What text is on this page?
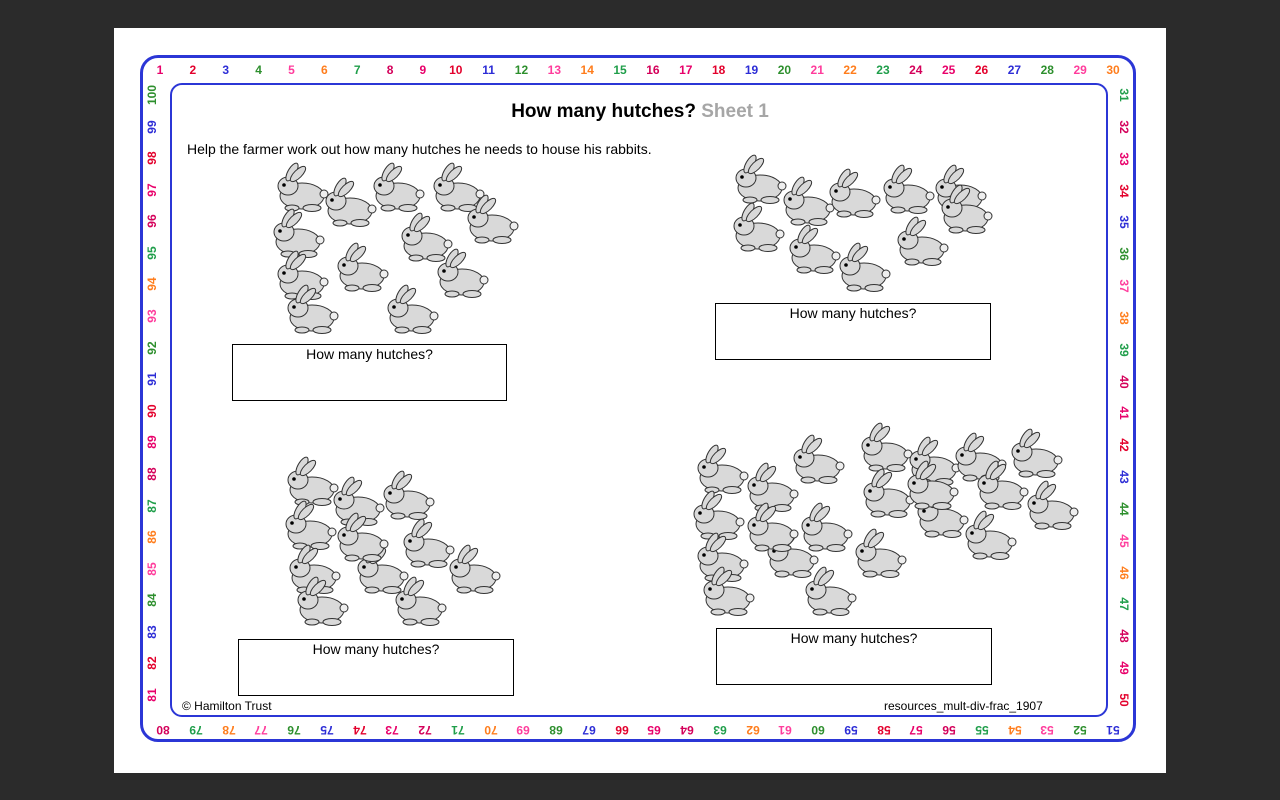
1	2	3	4	5	6	7	8	9	10	11	12	13	14	15	16	17	18	19	20	21	22	23	24	25	26	27	28	29	30
31
32
33
34
35
36
37
38
39
40
41
42
43
44
45
46
47
48
49
50
51
52
53
54
55
56
57
58
59
60
61
62
63
64
65
66
67
68
69
70
71
72
73
74
75
76
77
78
79
80
81
82
83
84
85
86
87
88
89
90
91
92
93
94
95
96
97
98
99
100
How many hutches? Sheet 1
Help the farmer work out how many hutches he needs to house his rabbits.
How many hutches?
How many hutches?
How many hutches?
How many hutches?
© Hamilton Trust	resources_mult-div-frac_1907
